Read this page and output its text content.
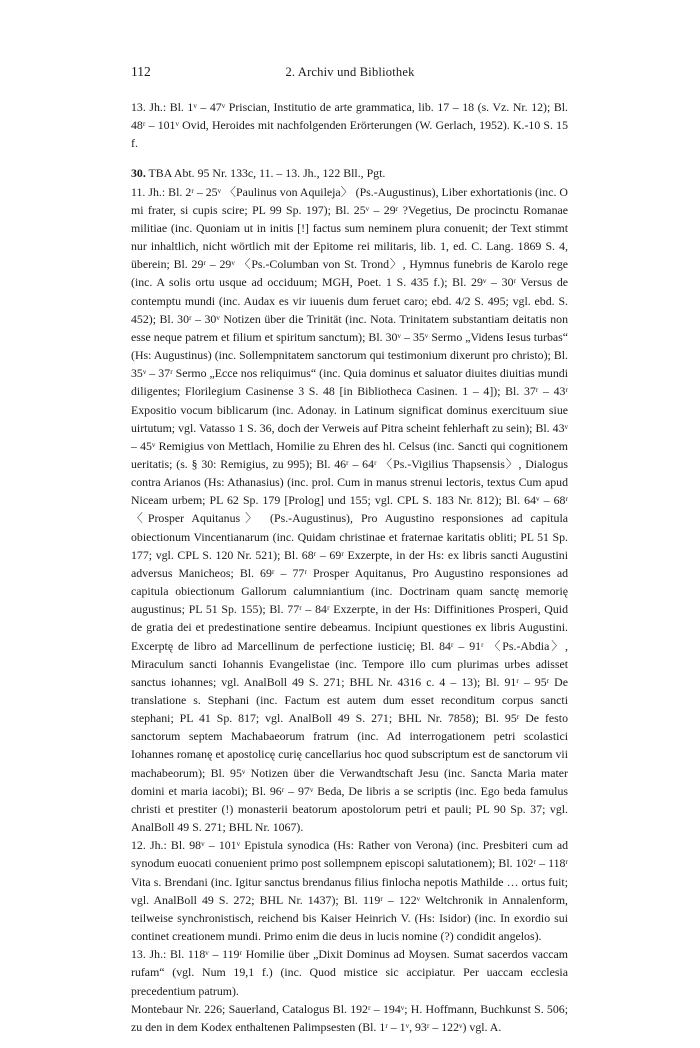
112	2. Archiv und Bibliothek

13. Jh.: Bl. 1ᵛ – 47ᵛ Priscian, Institutio de arte grammatica, lib. 17 – 18 (s. Vz. Nr. 12); Bl. 48ʳ – 101ᵛ Ovid, Heroides mit nachfolgenden Erörterungen (W. Gerlach, 1952). K.-10 S. 15 f.

30. TBA Abt. 95 Nr. 133c, 11. – 13. Jh., 122 Bll., Pgt.

11. Jh.: Bl. 2ʳ – 25ᵛ 〈Paulinus von Aquileja〉 (Ps.-Augustinus), Liber exhortationis (inc. O mi frater, si cupis scire; PL 99 Sp. 197); Bl. 25ᵛ – 29ʳ ?Vegetius, De procinctu Romanae militiae (inc. Quoniam ut in initis [!] factus sum neminem plura conuenit; der Text stimmt nur inhaltlich, nicht wörtlich mit der Epitome rei militaris, lib. 1, ed. C. Lang. 1869 S. 4, überein; Bl. 29ʳ – 29ᵛ 〈Ps.-Columban von St. Trond〉, Hymnus funebris de Karolo rege (inc. A solis ortu usque ad occiduum; MGH, Poet. 1 S. 435 f.); Bl. 29ᵛ – 30ʳ Versus de contemptu mundi (inc. Audax es vir iuuenis dum feruet caro; ebd. 4/2 S. 495; vgl. ebd. S. 452); Bl. 30ʳ – 30ᵛ Notizen über die Trinität (inc. Nota. Trinitatem substantiam deitatis non esse neque patrem et filium et spiritum sanctum); Bl. 30ᵛ – 35ᵛ Sermo „Videns Iesus turbas“ (Hs: Augustinus) (inc. Sollempnitatem sanctorum qui testimonium dixerunt pro christo); Bl. 35ᵛ – 37ʳ Sermo „Ecce nos reliquimus“ (inc. Quia dominus et saluator diuites diuitias mundi diligentes; Florilegium Casinense 3 S. 48 [in Bibliotheca Casinen. 1 – 4]); Bl. 37ʳ – 43ʳ Expositio vocum biblicarum (inc. Adonay. in Latinum significat dominus exercituum siue uirtutum; vgl. Vatasso 1 S. 36, doch der Verweis auf Pitra scheint fehlerhaft zu sein); Bl. 43ᵛ – 45ᵛ Remigius von Mettlach, Homilie zu Ehren des hl. Celsus (inc. Sancti qui cognitionem ueritatis; (s. § 30: Remigius, zu 995); Bl. 46ʳ – 64ʳ 〈Ps.-Vigilius Thapsensis〉, Dialogus contra Arianos (Hs: Athanasius) (inc. prol. Cum in manus strenui lectoris, textus Cum apud Niceam urbem; PL 62 Sp. 179 [Prolog] und 155; vgl. CPL S. 183 Nr. 812); Bl. 64ᵛ – 68ʳ 〈Prosper Aquitanus〉 (Ps.-Augustinus), Pro Augustino responsiones ad capitula obiectionum Vincentianarum (inc. Quidam christinae et fraternae karitatis obliti; PL 51 Sp. 177; vgl. CPL S. 120 Nr. 521); Bl. 68ʳ – 69ʳ Exzerpte, in der Hs: ex libris sancti Augustini adversus Manicheos; Bl. 69ʳ – 77ʳ Prosper Aquitanus, Pro Augustino responsiones ad capitula obiectionum Gallorum calumniantium (inc. Doctrinam quam sanctę memorię augustinus; PL 51 Sp. 155); Bl. 77ʳ – 84ʳ Exzerpte, in der Hs: Diffinitiones Prosperi, Quid de gratia dei et predestinatione sentire debeamus. Incipiunt questiones ex libris Augustini. Excerptę de libro ad Marcellinum de perfectione iusticię; Bl. 84ʳ – 91ʳ 〈Ps.-Abdia〉, Miraculum sancti Iohannis Evangelistae (inc. Tempore illo cum plurimas urbes adisset sanctus iohannes; vgl. AnalBoll 49 S. 271; BHL Nr. 4316 c. 4 – 13); Bl. 91ʳ – 95ʳ De translatione s. Stephani (inc. Factum est autem dum esset reconditum corpus sancti stephani; PL 41 Sp. 817; vgl. AnalBoll 49 S. 271; BHL Nr. 7858); Bl. 95ʳ De festo sanctorum septem Machabaeorum fratrum (inc. Ad interrogationem petri scolastici Iohannes romanę et apostolicę curię cancellarius hoc quod subscriptum est de sanctorum vii machabeorum); Bl. 95ᵛ Notizen über die Verwandtschaft Jesu (inc. Sancta Maria mater domini et maria iacobi); Bl. 96ʳ – 97ᵛ Beda, De libris a se scriptis (inc. Ego beda famulus christi et prestiter (!) monasterii beatorum apostolorum petri et pauli; PL 90 Sp. 37; vgl. AnalBoll 49 S. 271; BHL Nr. 1067).

12. Jh.: Bl. 98ᵛ – 101ᵛ Epistula synodica (Hs: Rather von Verona) (inc. Presbiteri cum ad synodum euocati conuenient primo post sollempnem episcopi salutationem); Bl. 102ʳ – 118ʳ Vita s. Brendani (inc. Igitur sanctus brendanus filius finlocha nepotis Mathilde … ortus fuit; vgl. AnalBoll 49 S. 272; BHL Nr. 1437); Bl. 119ʳ – 122ᵛ Weltchronik in Annalenform, teilweise synchronistisch, reichend bis Kaiser Heinrich V. (Hs: Isidor) (inc. In exordio sui continet creationem mundi. Primo enim die deus in lucis nomine (?) condidit angelos).

13. Jh.: Bl. 118ᵛ – 119ʳ Homilie über „Dixit Dominus ad Moysen. Sumat sacerdos vaccam rufam“ (vgl. Num 19,1 f.) (inc. Quod mistice sic accipiatur. Per uaccam ecclesia precedentium patrum).

Montebaur Nr. 226; Sauerland, Catalogus Bl. 192ʳ – 194ᵛ; H. Hoffmann, Buchkunst S. 506; zu den in dem Kodex enthaltenen Palimpsesten (Bl. 1ʳ – 1ᵛ, 93ʳ – 122ᵛ) vgl. A.
